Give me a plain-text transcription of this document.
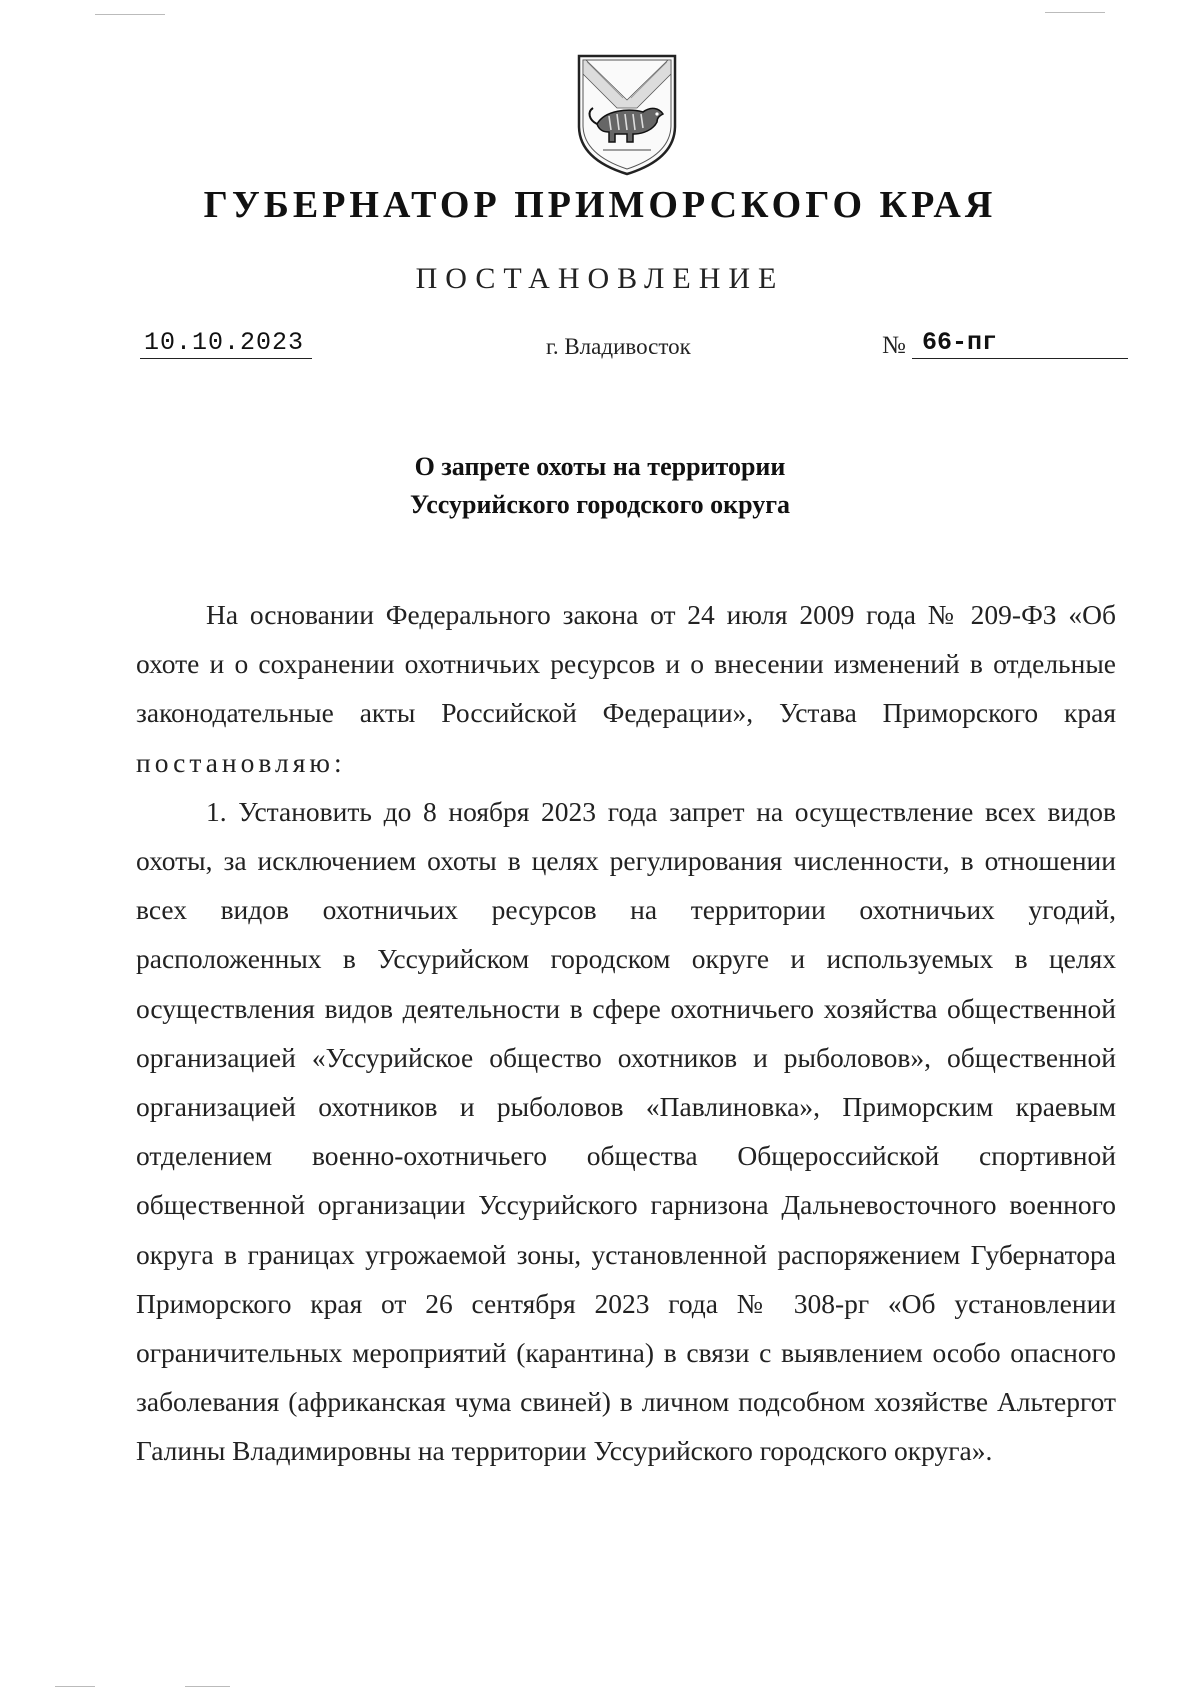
ГУБЕРНАТОР ПРИМОРСКОГО КРАЯ
ПОСТАНОВЛЕНИЕ
10.10.2023	г. Владивосток	№ 66-пг
О запрете охоты на территории
Уссурийского городского округа

На основании Федерального закона от 24 июля 2009 года № 209-ФЗ «Об охоте и о сохранении охотничьих ресурсов и о внесении изменений в отдельные законодательные акты Российской Федерации», Устава Приморского края постановляю:

1. Установить до 8 ноября 2023 года запрет на осуществление всех видов охоты, за исключением охоты в целях регулирования численности, в отношении всех видов охотничьих ресурсов на территории охотничьих угодий, расположенных в Уссурийском городском округе и используемых в целях осуществления видов деятельности в сфере охотничьего хозяйства общественной организацией «Уссурийское общество охотников и рыболовов», общественной организацией охотников и рыболовов «Павлиновка», Приморским краевым отделением военно-охотничьего общества Общероссийской спортивной общественной организации Уссурийского гарнизона Дальневосточного военного округа в границах угрожаемой зоны, установленной распоряжением Губернатора Приморского края от 26 сентября 2023 года № 308-рг «Об установлении ограничительных мероприятий (карантина) в связи с выявлением особо опасного заболевания (африканская чума свиней) в личном подсобном хозяйстве Альтергот Галины Владимировны на территории Уссурийского городского округа».
